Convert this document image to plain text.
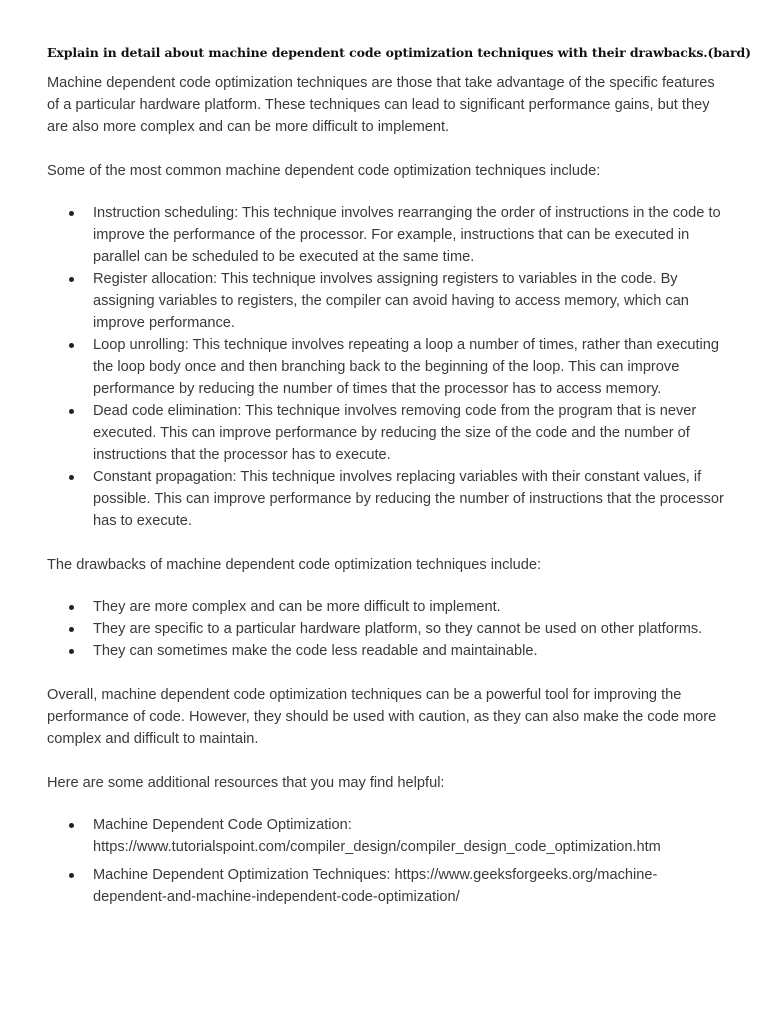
Explain in detail about machine dependent code optimization techniques with their drawbacks.(bard)

Machine dependent code optimization techniques are those that take advantage of the specific features of a particular hardware platform. These techniques can lead to significant performance gains, but they are also more complex and can be more difficult to implement.

Some of the most common machine dependent code optimization techniques include:

Instruction scheduling: This technique involves rearranging the order of instructions in the code to improve the performance of the processor. For example, instructions that can be executed in parallel can be scheduled to be executed at the same time.
Register allocation: This technique involves assigning registers to variables in the code. By assigning variables to registers, the compiler can avoid having to access memory, which can improve performance.
Loop unrolling: This technique involves repeating a loop a number of times, rather than executing the loop body once and then branching back to the beginning of the loop. This can improve performance by reducing the number of times that the processor has to access memory.
Dead code elimination: This technique involves removing code from the program that is never executed. This can improve performance by reducing the size of the code and the number of instructions that the processor has to execute.
Constant propagation: This technique involves replacing variables with their constant values, if possible. This can improve performance by reducing the number of instructions that the processor has to execute.

The drawbacks of machine dependent code optimization techniques include:

They are more complex and can be more difficult to implement.
They are specific to a particular hardware platform, so they cannot be used on other platforms.
They can sometimes make the code less readable and maintainable.

Overall, machine dependent code optimization techniques can be a powerful tool for improving the performance of code. However, they should be used with caution, as they can also make the code more complex and difficult to maintain.

Here are some additional resources that you may find helpful:

Machine Dependent Code Optimization: https://www.tutorialspoint.com/compiler_design/compiler_design_code_optimization.htm
Machine Dependent Optimization Techniques: https://www.geeksforgeeks.org/machine-dependent-and-machine-independent-code-optimization/
